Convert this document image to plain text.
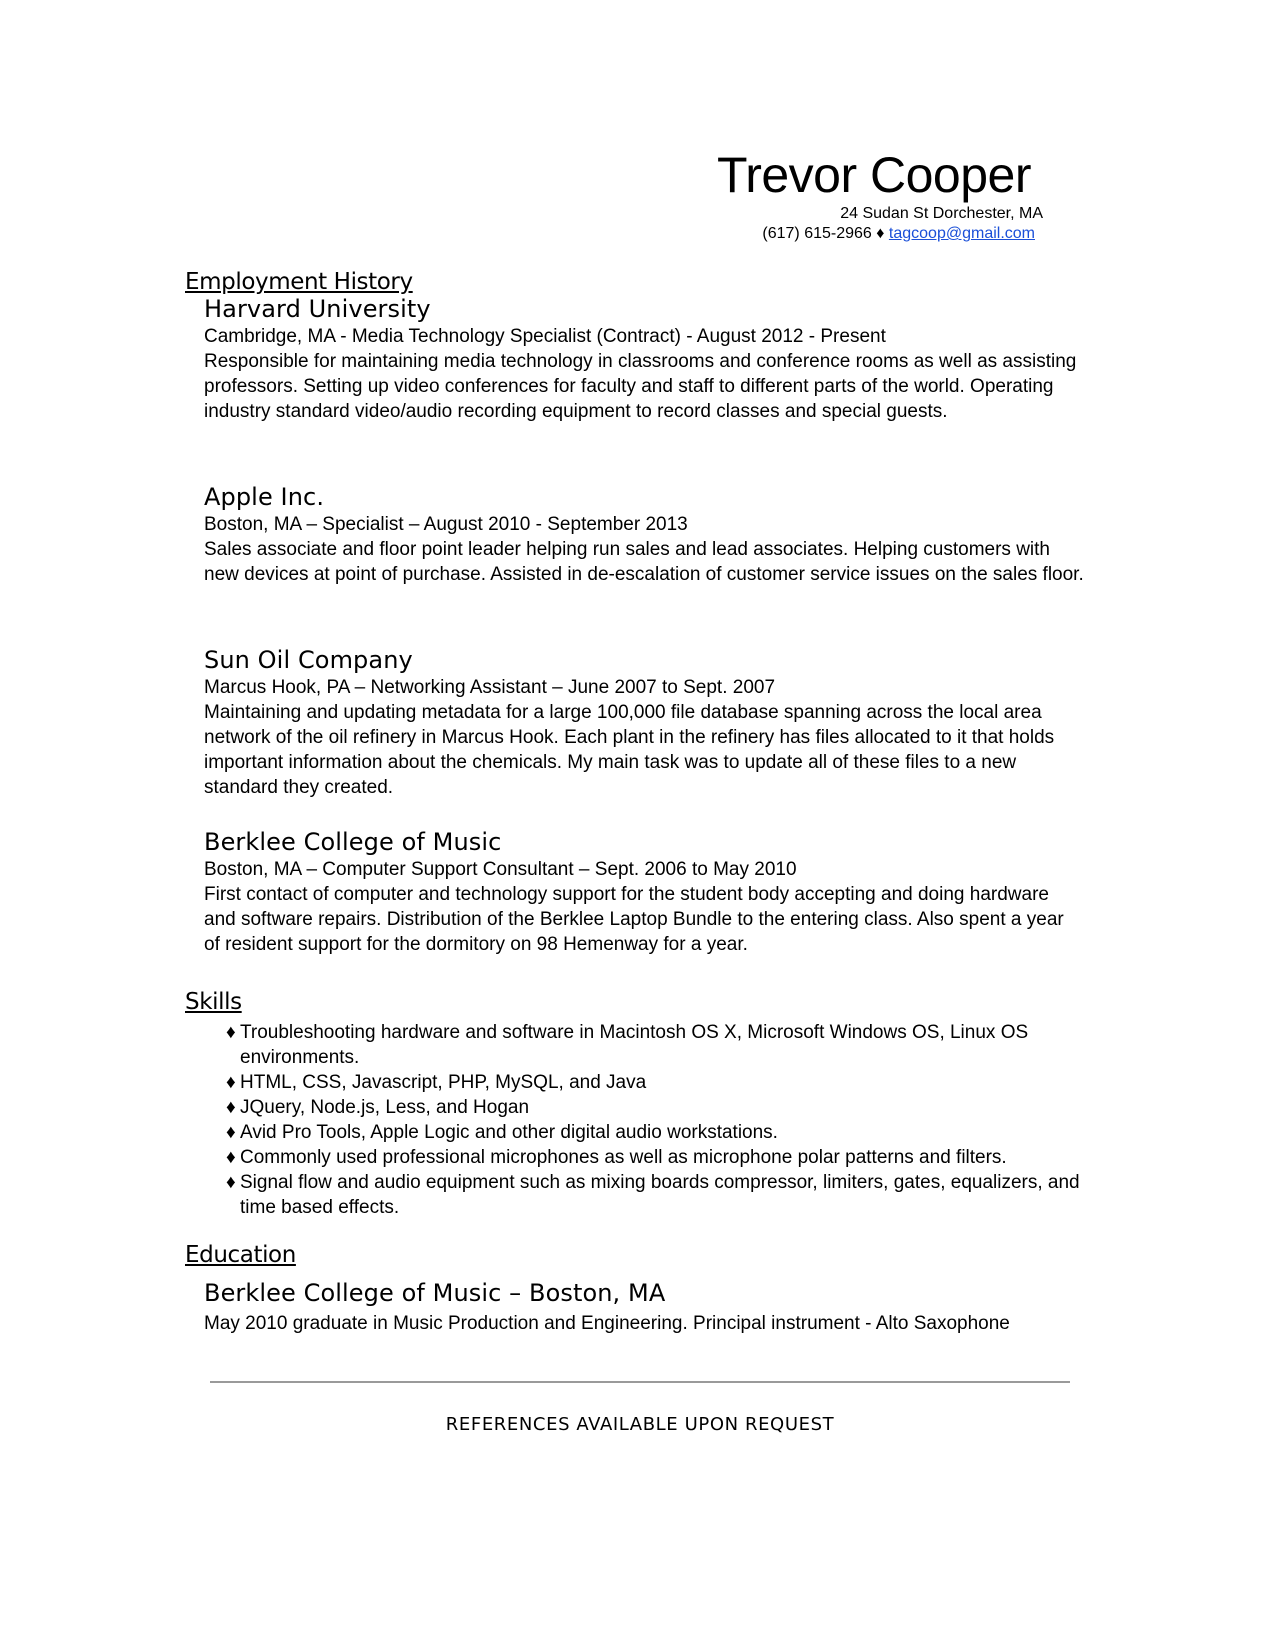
Trevor Cooper
24 Sudan St Dorchester, MA
(617) 615-2966 ♦ tagcoop@gmail.com
Employment History
Harvard University
Cambridge, MA - Media Technology Specialist (Contract) - August 2012 - Present
Responsible for maintaining media technology in classrooms and conference rooms as well as assisting professors. Setting up video conferences for faculty and staff to different parts of the world. Operating industry standard video/audio recording equipment to record classes and special guests.
Apple Inc.
Boston, MA – Specialist – August 2010 - September 2013
Sales associate and floor point leader helping run sales and lead associates. Helping customers with new devices at point of purchase. Assisted in de-escalation of customer service issues on the sales floor.
Sun Oil Company
Marcus Hook, PA – Networking Assistant – June 2007 to Sept. 2007
Maintaining and updating metadata for a large 100,000 file database spanning across the local area network of the oil refinery in Marcus Hook. Each plant in the refinery has files allocated to it that holds important information about the chemicals. My main task was to update all of these files to a new standard they created.
Berklee College of Music
Boston, MA – Computer Support Consultant – Sept. 2006 to May 2010
First contact of computer and technology support for the student body accepting and doing hardware and software repairs. Distribution of the Berklee Laptop Bundle to the entering class. Also spent a year of resident support for the dormitory on 98 Hemenway for a year.
Skills
♦ Troubleshooting hardware and software in Macintosh OS X, Microsoft Windows OS, Linux OS environments.
♦ HTML, CSS, Javascript, PHP, MySQL, and Java
♦ JQuery, Node.js, Less, and Hogan
♦ Avid Pro Tools, Apple Logic and other digital audio workstations.
♦ Commonly used professional microphones as well as microphone polar patterns and filters.
♦ Signal flow and audio equipment such as mixing boards compressor, limiters, gates, equalizers, and time based effects.
Education
Berklee College of Music – Boston, MA
May 2010 graduate in Music Production and Engineering. Principal instrument - Alto Saxophone
REFERENCES AVAILABLE UPON REQUEST
